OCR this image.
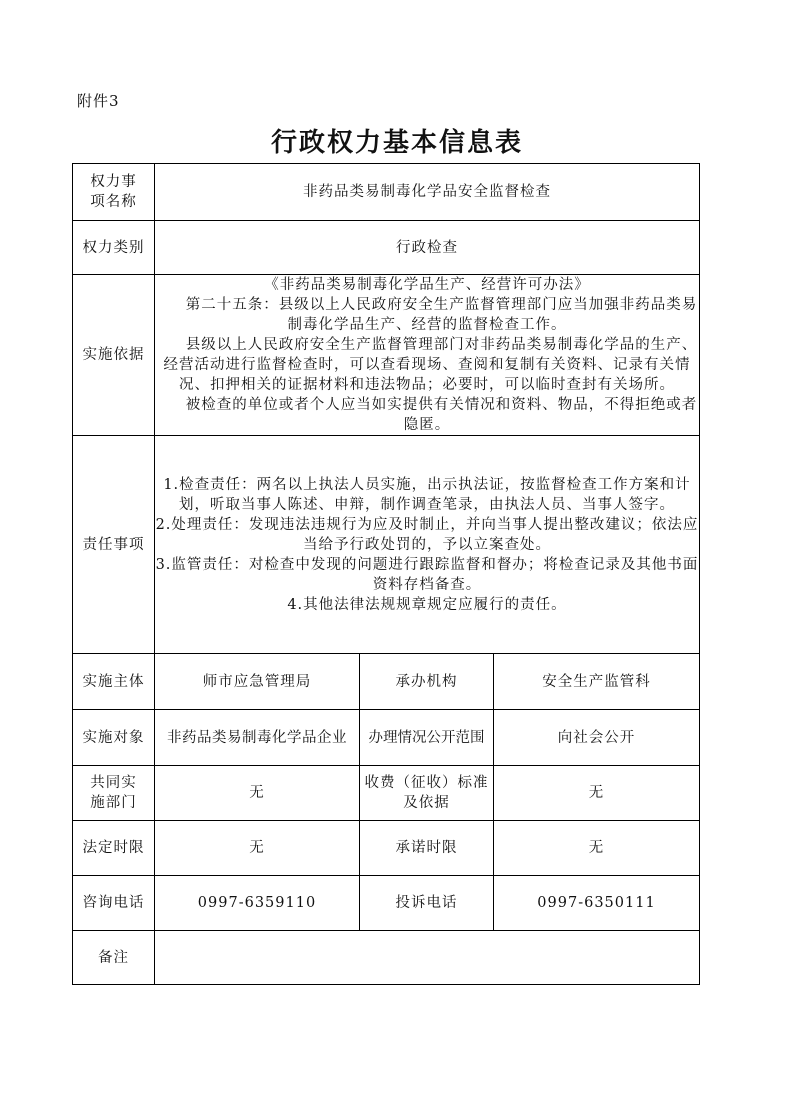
附件3
行政权力基本信息表
权力事项名称	非药品类易制毒化学品安全监督检查		
权力类别	行政检查		
实施依据	《非药品类易制毒化学品生产、经营许可办法》
第二十五条：县级以上人民政府安全生产监督管理部门应当加强非药品类易制毒化学品生产、经营的监督检查工作。
县级以上人民政府安全生产监督管理部门对非药品类易制毒化学品的生产、经营活动进行监督检查时，可以查看现场、查阅和复制有关资料、记录有关情况、扣押相关的证据材料和违法物品；必要时，可以临时查封有关场所。
被检查的单位或者个人应当如实提供有关情况和资料、物品，不得拒绝或者隐匿。		

责任事项	1.检查责任：两名以上执法人员实施，出示执法证，按监督检查工作方案和计划，听取当事人陈述、申辩，制作调查笔录，由执法人员、当事人签字。
2.处理责任：发现违法违规行为应及时制止，并向当事人提出整改建议；依法应当给予行政处罚的，予以立案查处。
3.监管责任：对检查中发现的问题进行跟踪监督和督办；将检查记录及其他书面资料存档备查。
4.其他法律法规规章规定应履行的责任。		

实施主体	师市应急管理局	承办机构	安全生产监管科
实施对象	非药品类易制毒化学品企业	办理情况公开范围	向社会公开
共同实施部门	无	收费（征收）标准及依据	无
法定时限	无	承诺时限	无
咨询电话	0997-6359110	投诉电话	0997-6350111
备注			
